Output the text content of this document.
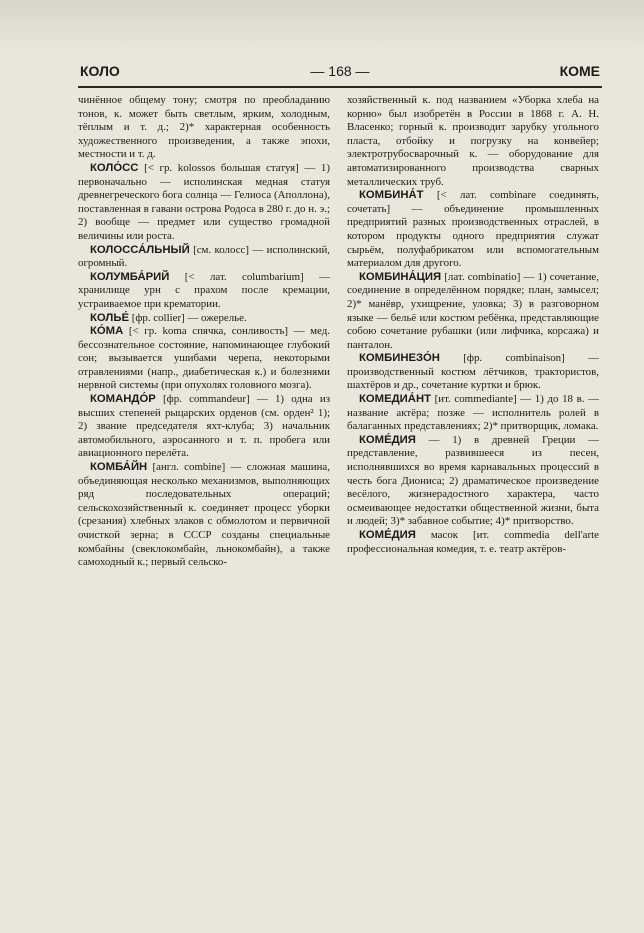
КОЛО	— 168 —	КОМЕ

чинённое общему тону; смотря по преобладанию тонов, к. может быть светлым, ярким, холодным, тёплым и т. д.; 2)* характерная особенность художественного произведения, а также эпохи, местности и т. д.

КОЛО́СС [< гр. kolossos большая статуя] — 1) первоначально — исполинская медная статуя древнегреческого бога солнца — Гелиоса (Аполлона), поставленная в гавани острова Родоса в 280 г. до н. э.; 2) вообще — предмет или существо громадной величины или роста.

КОЛОССА́ЛЬНЫЙ [см. колосс] — исполинский, огромный.

КОЛУМБА́РИЙ [< лат. columbarium] — хранилище урн с прахом после кремации, устраиваемое при крематории.

КОЛЬЕ́ [фр. collier] — ожерелье.

КО́МА [< гр. koma спячка, сонливость] — мед. бессознательное состояние, напоминающее глубокий сон; вызывается ушибами черепа, некоторыми отравлениями (напр., диабетическая к.) и болезнями нервной системы (при опухолях головного мозга).

КОМАНДО́Р [фр. commandeur] — 1) одна из высших степеней рыцарских орденов (см. орден² 1); 2) звание председателя яхт-клуба; 3) начальник автомобильного, аэросанного и т. п. пробега или авиационного перелёта.

КОМБА́ЙН [англ. combine] — сложная машина, объединяющая несколько механизмов, выполняющих ряд последовательных операций; сельскохозяйственный к. соединяет процесс уборки (срезания) хлебных злаков с обмолотом и первичной очисткой зерна; в СССР созданы специальные комбайны (свеклокомбайн, льнокомбайн), а также самоходный к.; первый сельско-

хозяйственный к. под названием «Уборка хлеба на корню» был изобретён в России в 1868 г. А. Н. Власенко; горный к. производит зарубку угольного пласта, отбойку и погрузку на конвейер; электротрубосварочный к. — оборудование для автоматизированного производства сварных металлических труб.

КОМБИНА́Т [< лат. combinare соединять, сочетать] — объединение промышленных предприятий разных производственных отраслей, в котором продукты одного предприятия служат сырьём, полуфабрикатом или вспомогательным материалом для другого.

КОМБИНА́ЦИЯ [лат. combinatio] — 1) сочетание, соединение в определённом порядке; план, замысел; 2)* манёвр, ухищрение, уловка; 3) в разговорном языке — бельё или костюм ребёнка, представляющие собою сочетание рубашки (или лифчика, корсажа) и панталон.

КОМБИНЕЗО́Н [фр. combinaison] — производственный костюм лётчиков, трактористов, шахтёров и др., сочетание куртки и брюк.

КОМЕДИА́НТ [ит. commediante] — 1) до 18 в. — название актёра; позже — исполнитель ролей в балаганных представлениях; 2)* притворщик, ломака.

КОМЕ́ДИЯ — 1) в древней Греции — представление, развившееся из песен, исполнявшихся во время карнавальных процессий в честь бога Диониса; 2) драматическое произведение весёлого, жизнерадостного характера, часто осмеивающее недостатки общественной жизни, быта и людей; 3)* забавное событие; 4)* притворство.

КОМЕ́ДИЯ масок [ит. commedia dell'arte профессиональная комедия, т. е. театр актёров-
